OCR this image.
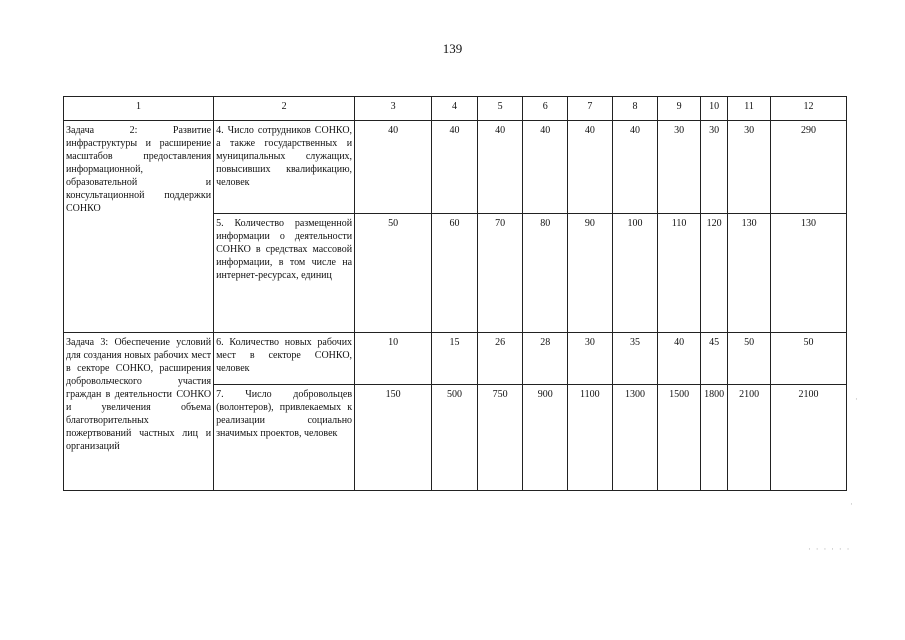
139
1	2	3	4	5	6	7	8	9	10	11	12
Задача 2: Развитие инфраструктуры и расширение масштабов предоставления информационной, образовательной и консультационной поддержки СОНКО	4. Число сотрудников СОНКО, а также государственных и муниципальных служащих, повысивших квалификацию, человек	40	40	40	40	40	40	30	30	30	290
	5. Количество размещенной информации о деятельности СОНКО в средствах массовой информации, в том числе на интернет-ресурсах, единиц	50	60	70	80	90	100	110	120	130	130
Задача 3: Обеспечение условий для создания новых рабочих мест в секторе СОНКО, расширения добровольческого участия граждан в деятельности СОНКО и увеличения объема благотворительных пожертвований частных лиц и организаций	6. Количество новых рабочих мест в секторе СОНКО, человек	10	15	26	28	30	35	40	45	50	50
	7. Число добровольцев (волонтеров), привлекаемых к реализации социально значимых проектов, человек	150	500	750	900	1100	1300	1500	1800	2100	2100	·
·
· · · · · ·
